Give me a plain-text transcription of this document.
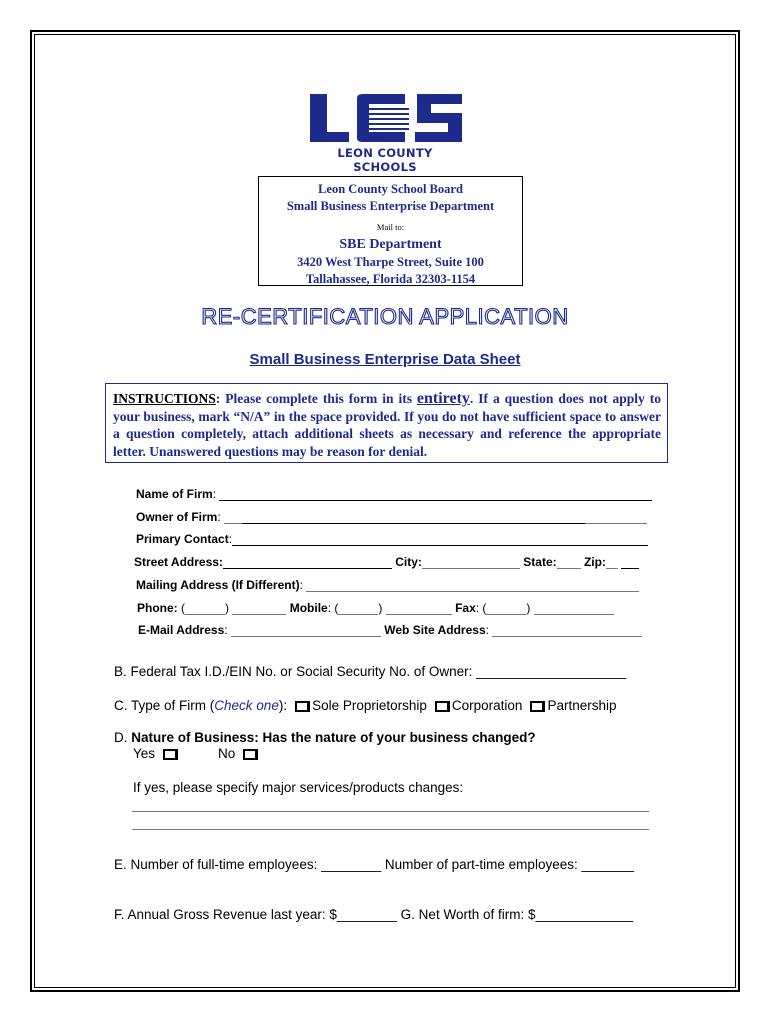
LEON COUNTY SCHOOLS
Leon County School Board
Small Business Enterprise Department
Mail to:
SBE Department
3420 West Tharpe Street, Suite 100
Tallahassee, Florida 32303-1154
RE-CERTIFICATION APPLICATION
Small Business Enterprise Data Sheet
INSTRUCTIONS: Please complete this form in its entirety. If a question does not apply to your business, mark “N/A” in the space provided. If you do not have sufficient space to answer a question completely, attach additional sheets as necessary and reference the appropriate letter. Unanswered questions may be reason for denial.
Name of Firm:
Owner of Firm:
Primary Contact:
Street Address:	City:	State: Zip:
Mailing Address (If Different):
Phone: (	)	Mobile: (	)	Fax: (	)
E-Mail Address:	Web Site Address:
B. Federal Tax I.D./EIN No. or Social Security No. of Owner: ____________________
C. Type of Firm (Check one): Sole Proprietorship Corporation Partnership
D. Nature of Business: Has the nature of your business changed?
Yes	No
If yes, please specify major services/products changes:
E. Number of full-time employees: ________ Number of part-time employees: _______
F. Annual Gross Revenue last year: $________ G. Net Worth of firm: $_____________
